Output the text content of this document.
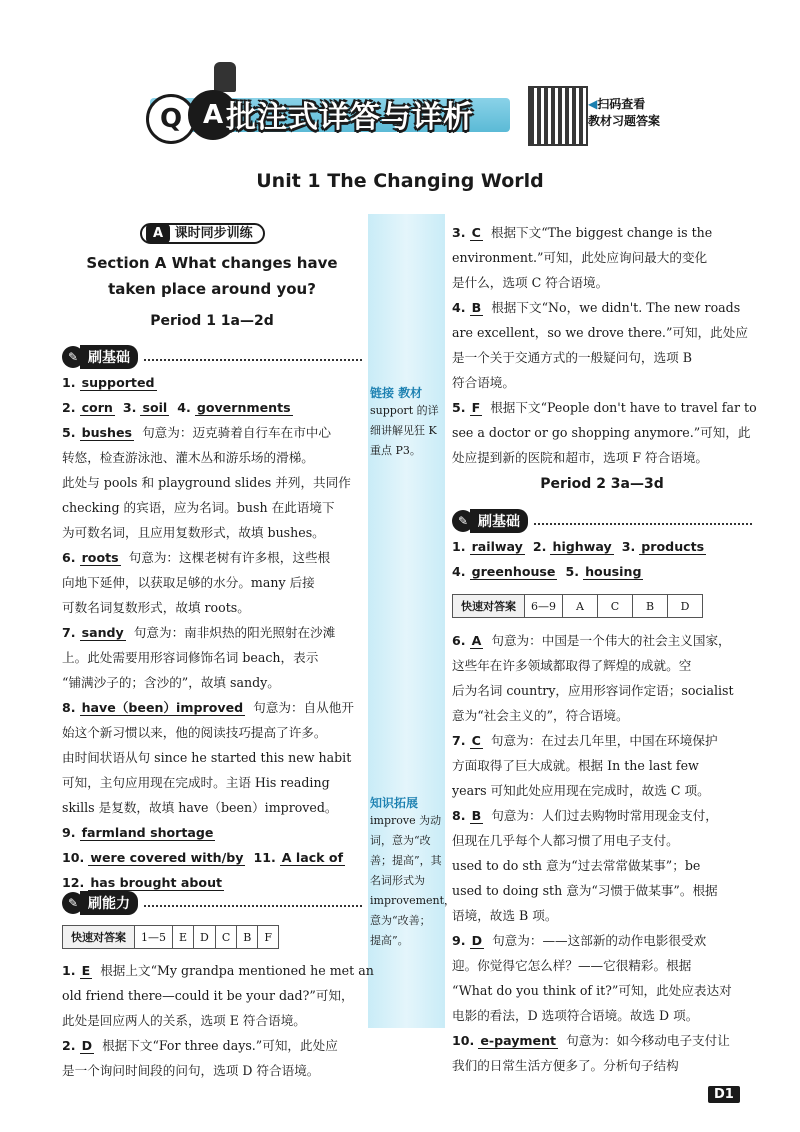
Q A 批注式详答与详析	◀扫码查看
教材习题答案
Unit 1 The Changing World
链接 教材
support 的详
细讲解见狂 K
重点 P3。
知识拓展
improve 为动
词，意为“改
善；提高”，其
名词形式为
improvement，
意为“改善；
提高”。
A 课时同步训练
Section A What changes have
taken place around you?
Period 1 1a—2d
✎ 刷基础
1. supported
2. corn 3. soil 4. governments
5. bushes 句意为：迈克骑着自行车在市中心
转悠，检查游泳池、灌木丛和游乐场的滑梯。
此处与 pools 和 playground slides 并列，共同作
checking 的宾语，应为名词。bush 在此语境下
为可数名词，且应用复数形式，故填 bushes。
6. roots 句意为：这棵老树有许多根，这些根
向地下延伸，以获取足够的水分。many 后接
可数名词复数形式，故填 roots。
7. sandy 句意为：南非炽热的阳光照射在沙滩
上。此处需要用形容词修饰名词 beach，表示
“铺满沙子的；含沙的”，故填 sandy。
8. have（been）improved 句意为：自从他开
始这个新习惯以来，他的阅读技巧提高了许多。
由时间状语从句 since he started this new habit
可知，主句应用现在完成时。主语 His reading
skills 是复数，故填 have（been）improved。
9. farmland shortage
10. were covered with/by 11. A lack of
12. has brought about
✎ 刷能力
快速对答案	1—5	E	D	C	B	F
1. E 根据上文“My grandpa mentioned he met an
old friend there—could it be your dad?”可知，
此处是回应两人的关系，选项 E 符合语境。
2. D 根据下文“For three days.”可知，此处应
是一个询问时间段的问句，选项 D 符合语境。
3. C 根据下文“The biggest change is the
environment.”可知，此处应询问最大的变化
是什么，选项 C 符合语境。
4. B 根据下文“No，we didn't. The new roads
are excellent，so we drove there.”可知，此处应
是一个关于交通方式的一般疑问句，选项 B
符合语境。
5. F 根据下文“People don't have to travel far to
see a doctor or go shopping anymore.”可知，此
处应提到新的医院和超市，选项 F 符合语境。
Period 2 3a—3d
✎ 刷基础
1. railway 2. highway 3. products
4. greenhouse 5. housing
快速对答案	6—9	A	C	B	D
6. A 句意为：中国是一个伟大的社会主义国家，
这些年在许多领域都取得了辉煌的成就。空
后为名词 country，应用形容词作定语；socialist
意为“社会主义的”，符合语境。
7. C 句意为：在过去几年里，中国在环境保护
方面取得了巨大成就。根据 In the last few
years 可知此处应用现在完成时，故选 C 项。
8. B 句意为：人们过去购物时常用现金支付，
但现在几乎每个人都习惯了用电子支付。
used to do sth 意为“过去常常做某事”；be
used to doing sth 意为“习惯于做某事”。根据
语境，故选 B 项。
9. D 句意为：——这部新的动作电影很受欢
迎。你觉得它怎么样？——它很精彩。根据
“What do you think of it?”可知，此处应表达对
电影的看法，D 选项符合语境。故选 D 项。
10. e-payment 句意为：如今移动电子支付让
我们的日常生活方便多了。分析句子结构
D1
